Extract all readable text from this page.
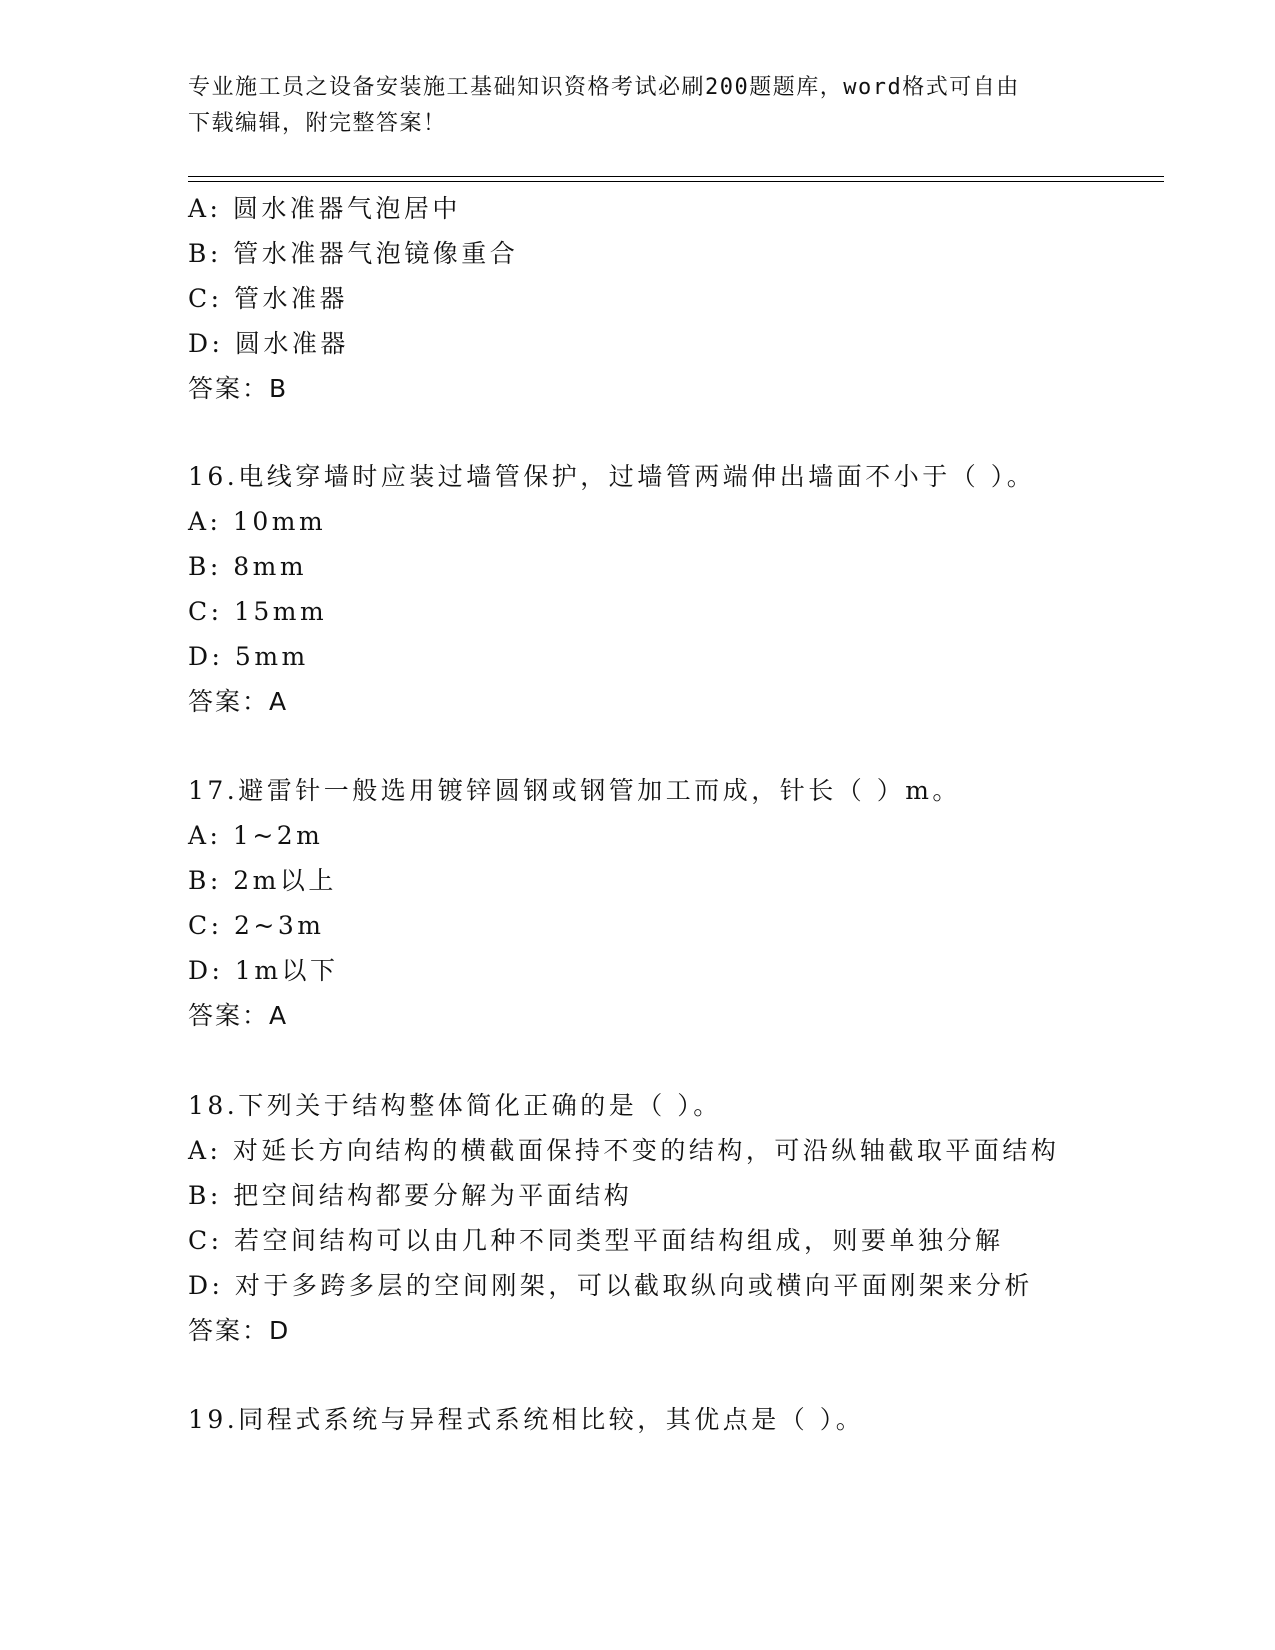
专业施工员之设备安装施工基础知识资格考试必刷200题题库，word格式可自由
下载编辑，附完整答案！
A: 圆水准器气泡居中
B: 管水准器气泡镜像重合
C: 管水准器
D: 圆水准器
答案：B
16.电线穿墙时应装过墙管保护，过墙管两端伸出墙面不小于（ ）。
A: 10mm
B: 8mm
C: 15mm
D: 5mm
答案：A
17.避雷针一般选用镀锌圆钢或钢管加工而成，针长（ ）m。
A: 1~2m
B: 2m以上
C: 2~3m
D: 1m以下
答案：A
18.下列关于结构整体简化正确的是（ ）。
A: 对延长方向结构的横截面保持不变的结构，可沿纵轴截取平面结构
B: 把空间结构都要分解为平面结构
C: 若空间结构可以由几种不同类型平面结构组成，则要单独分解
D: 对于多跨多层的空间刚架，可以截取纵向或横向平面刚架来分析
答案：D
19.同程式系统与异程式系统相比较，其优点是（ ）。
